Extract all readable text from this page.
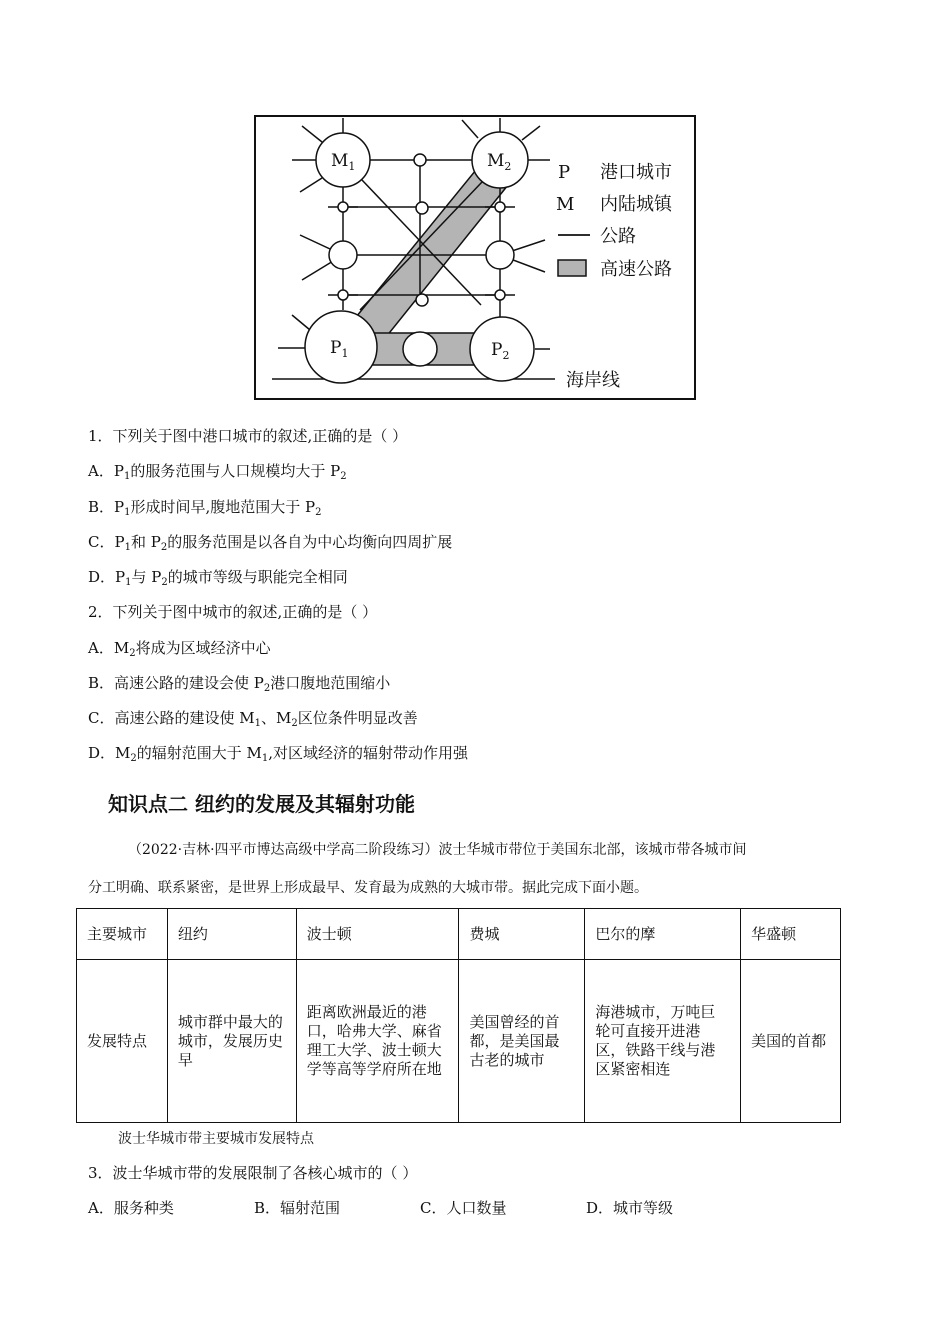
$M_1$	$M_2$
$P_1$	$P_2$
P 港口城市
M 内陆城镇
公路
高速公路
海岸线
1．下列关于图中港口城市的叙述,正确的是（ ）
A．$P_1$的服务范围与人口规模均大于 $P_2$
B．$P_1$形成时间早,腹地范围大于 $P_2$
C．$P_1$和 $P_2$的服务范围是以各自为中心均衡向四周扩展
D．$P_1$与 $P_2$的城市等级与职能完全相同
2．下列关于图中城市的叙述,正确的是（ ）
A．$M_2$将成为区域经济中心
B．高速公路的建设会使 $P_2$港口腹地范围缩小
C．高速公路的建设使 $M_1$、$M_2$区位条件明显改善
D．$M_2$的辐射范围大于 $M_1$,对区域经济的辐射带动作用强
知识点二 纽约的发展及其辐射功能
（2022·吉林·四平市博达高级中学高二阶段练习）波士华城市带位于美国东北部，该城市带各城市间
分工明确、联系紧密，是世界上形成最早、发育最为成熟的大城市带。据此完成下面小题。
主要城市	纽约	波士顿	费城	巴尔的摩	华盛顿
发展特点	城市群中最大的城市，发展历史早	距离欧洲最近的港口，哈弗大学、麻省理工大学、波士顿大学等高等学府所在地	美国曾经的首都，是美国最古老的城市	海港城市，万吨巨轮可直接开进港区，铁路干线与港区紧密相连	美国的首都
波士华城市带主要城市发展特点
3．波士华城市带的发展限制了各核心城市的（ ）
A．服务种类	B．辐射范围	C．人口数量	D．城市等级
